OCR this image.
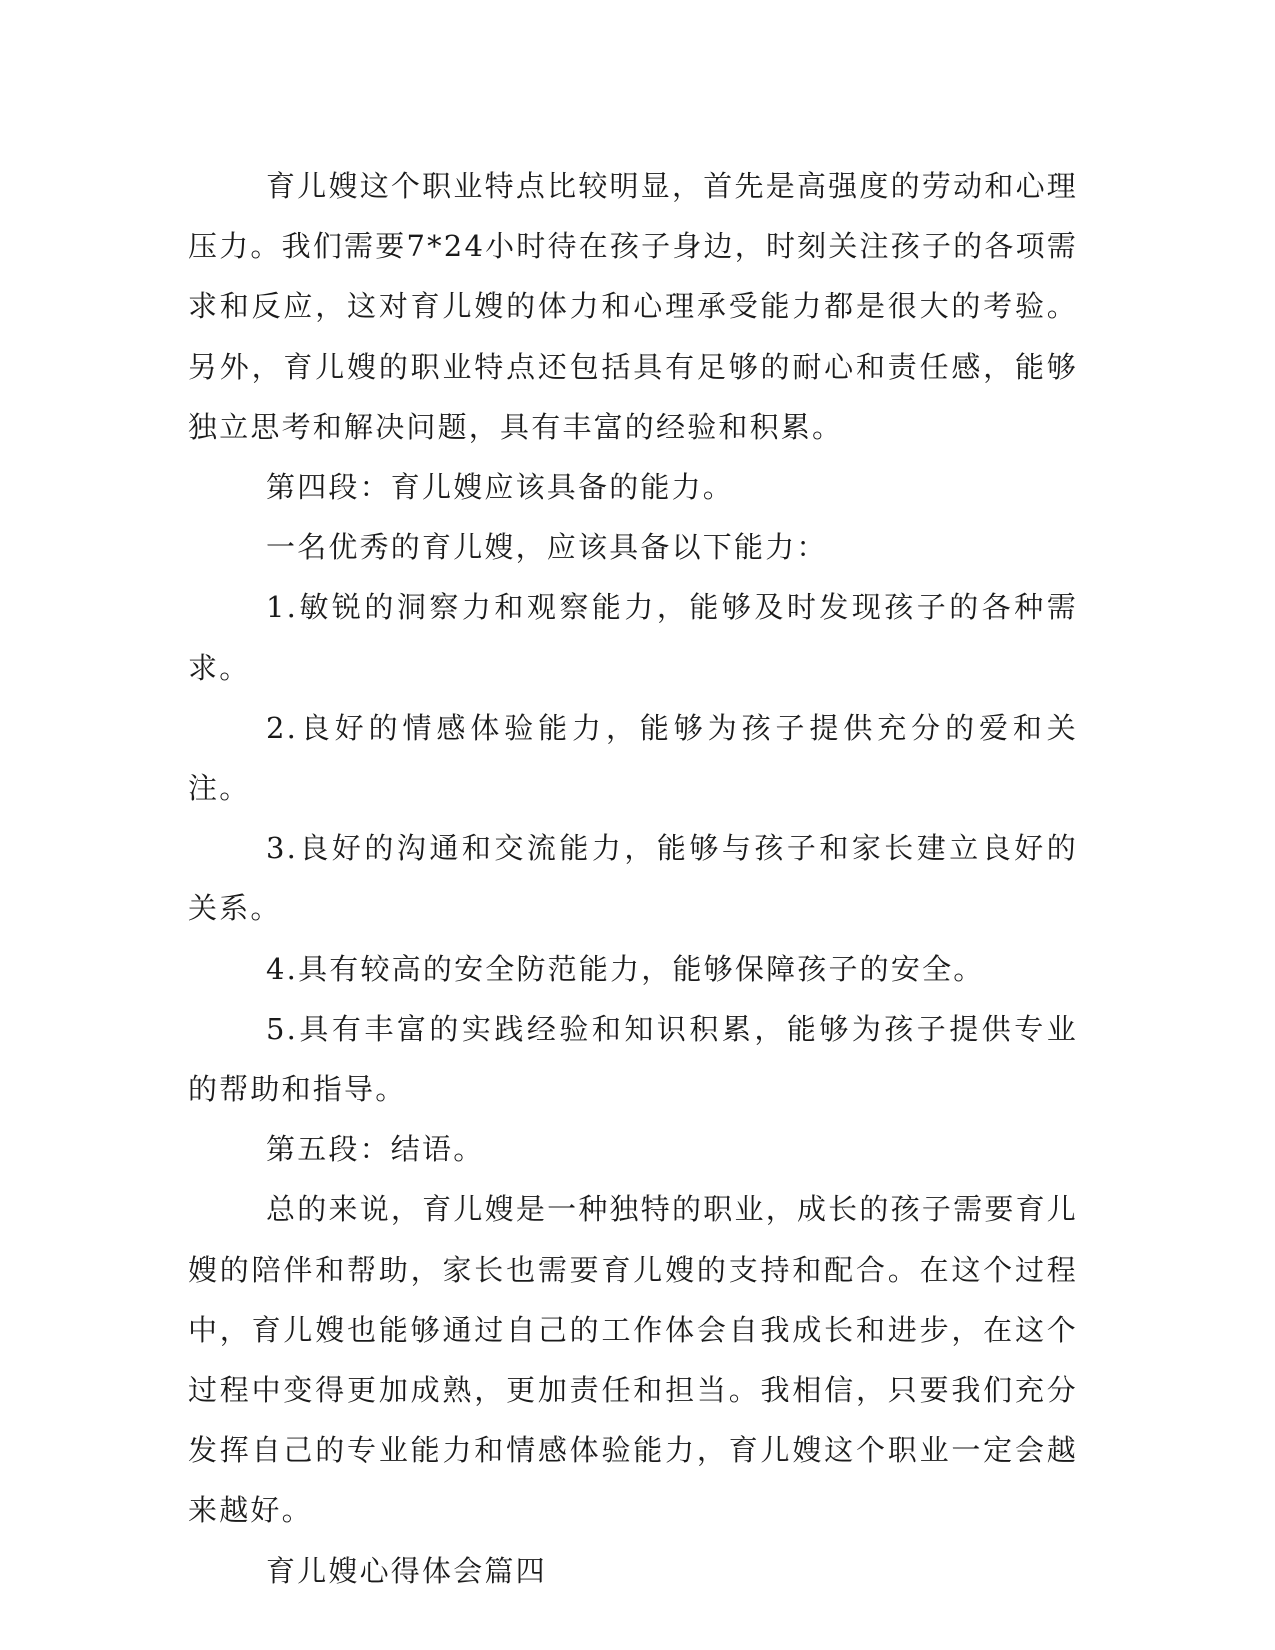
育儿嫂这个职业特点比较明显，首先是高强度的劳动和心理压力。我们需要7*24小时待在孩子身边，时刻关注孩子的各项需求和反应，这对育儿嫂的体力和心理承受能力都是很大的考验。另外，育儿嫂的职业特点还包括具有足够的耐心和责任感，能够独立思考和解决问题，具有丰富的经验和积累。

第四段：育儿嫂应该具备的能力。

一名优秀的育儿嫂，应该具备以下能力：

1.敏锐的洞察力和观察能力，能够及时发现孩子的各种需求。

2.良好的情感体验能力，能够为孩子提供充分的爱和关注。

3.良好的沟通和交流能力，能够与孩子和家长建立良好的关系。

4.具有较高的安全防范能力，能够保障孩子的安全。

5.具有丰富的实践经验和知识积累，能够为孩子提供专业的帮助和指导。

第五段：结语。

总的来说，育儿嫂是一种独特的职业，成长的孩子需要育儿嫂的陪伴和帮助，家长也需要育儿嫂的支持和配合。在这个过程中，育儿嫂也能够通过自己的工作体会自我成长和进步，在这个过程中变得更加成熟，更加责任和担当。我相信，只要我们充分发挥自己的专业能力和情感体验能力，育儿嫂这个职业一定会越来越好。

育儿嫂心得体会篇四
